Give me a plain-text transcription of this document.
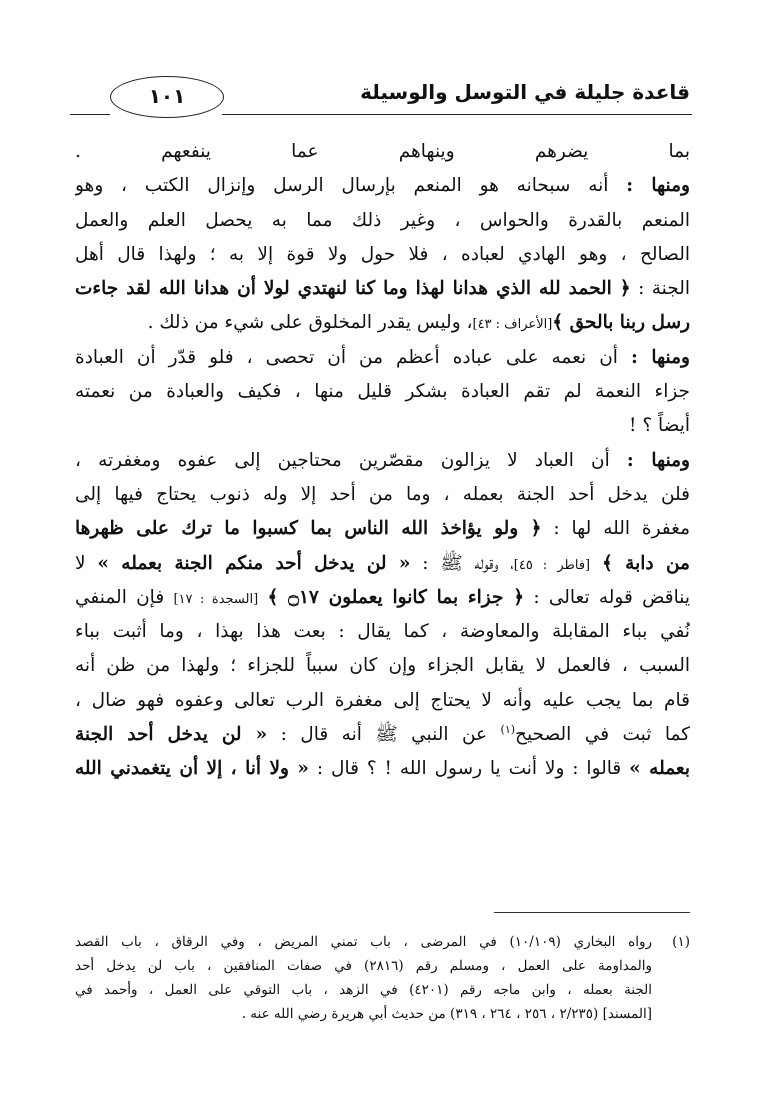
قاعدة جليلة في التوسل والوسيلة
١٠١
بما يضرهم وينهاهم عما ينفعهم .
ومنها : أنه سبحانه هو المنعم بإرسال الرسل وإنزال الكتب ، وهو
المنعم بالقدرة والحواس ، وغير ذلك مما به يحصل العلم والعمل
الصالح ، وهو الهادي لعباده ، فلا حول ولا قوة إلا به ؛ ولهذا قال أهل
الجنة : ﴿ الحمد لله الذي هدانا لهذا وما كنا لنهتدي لولا أن هدانا الله لقد جاءت
رسل ربنا بالحق ﴾[الأعراف : ٤٣]، وليس يقدر المخلوق على شيء من ذلك .
ومنها : أن نعمه على عباده أعظم من أن تحصى ، فلو قدّر أن العبادة
جزاء النعمة لم تقم العبادة بشكر قليل منها ، فكيف والعبادة من نعمته
أيضاً ؟ !
ومنها : أن العباد لا يزالون مقصّرين محتاجين إلى عفوه ومغفرته ،
فلن يدخل أحد الجنة بعمله ، وما من أحد إلا وله ذنوب يحتاج فيها إلى
مغفرة الله لها : ﴿ ولو يؤاخذ الله الناس بما كسبوا ما ترك على ظهرها
من دابة ﴾ [فاطر : ٤٥]، وقوله ﷺ : « لن يدخل أحد منكم الجنة بعمله » لا
يناقض قوله تعالى : ﴿ جزاء بما كانوا يعملون ۝١٧ ﴾ [السجدة : ١٧] فإن المنفي
نُفي بباء المقابلة والمعاوضة ، كما يقال : بعت هذا بهذا ، وما أثبت بباء
السبب ، فالعمل لا يقابل الجزاء وإن كان سبباً للجزاء ؛ ولهذا من ظن أنه
قام بما يجب عليه وأنه لا يحتاج إلى مغفرة الرب تعالى وعفوه فهو ضال ،
كما ثبت في الصحيح$^{(١)}$ عن النبي ﷺ أنه قال : « لن يدخل أحد الجنة
بعمله » قالوا : ولا أنت يا رسول الله ! ؟ قال : « ولا أنا ، إلا أن يتغمدني الله
(١)رواه البخاري (١٠/١٠٩) في المرضى ، باب تمني المريض ، وفي الرقاق ، باب القصد
والمداومة على العمل ، ومسلم رقم (٢٨١٦) في صفات المنافقين ، باب لن يدخل أحد
الجنة بعمله ، وابن ماجه رقم (٤٢٠١) في الزهد ، باب التوقي على العمل ، وأحمد في
[المسند] (٢/٢٣٥ ، ٢٥٦ ، ٢٦٤ ، ٣١٩) من حديث أبي هريرة رضي الله عنه .
